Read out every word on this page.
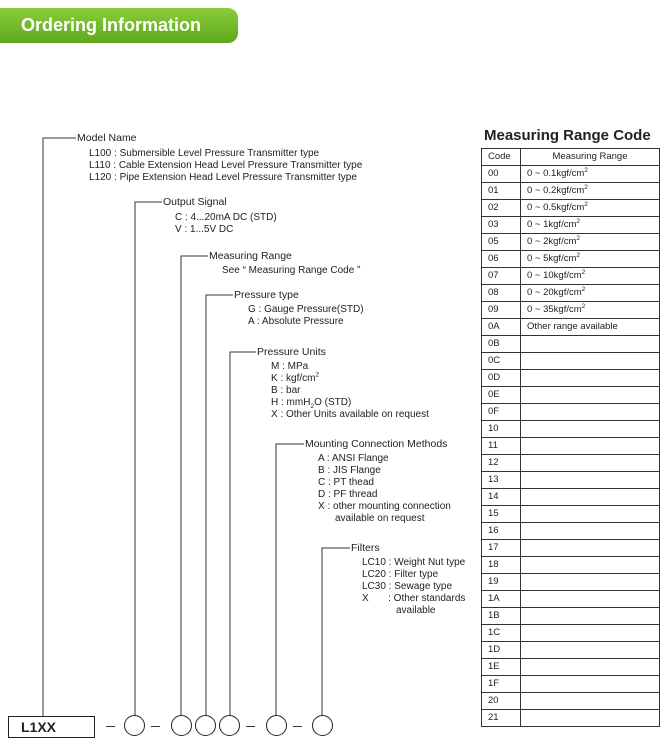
Ordering Information
Model Name
L100 : Submersible Level Pressure Transmitter type
L110 : Cable Extension Head Level Pressure Transmitter type
L120 : Pipe Extension Head Level Pressure Transmitter type
Output Signal
C : 4...20mA DC (STD)
V : 1...5V DC
Measuring Range
See “ Measuring Range Code ”
Pressure type
G : Gauge Pressure(STD)
A : Absolute Pressure
Pressure Units
M : MPa
K : kgf/$cm^2$
B : bar
H : mmH$_2$O (STD)
X : Other Units available on request
Mounting Connection Methods
A : ANSI Flange
B : JIS Flange
C : PT thead
D : PF thread
X : other mounting connection
available on request
Filters
LC10 : Weight Nut type
LC20 : Filter type
LC30 : Sewage type
X       : Other standards
available
L1XX
Measuring Range Code
Code	Measuring Range
00	0 ~ $0.1kgf/cm^2$
01	0 ~ $0.2kgf/cm^2$
02	0 ~ $0.5kgf/cm^2$
03	0 ~ $1kgf/cm^2$
05	0 ~ $2kgf/cm^2$
06	0 ~ $5kgf/cm^2$
07	0 ~ $10kgf/cm^2$
08	0 ~ $20kgf/cm^2$
09	0 ~ $35kgf/cm^2$
0A	Other range available
0B	
0C	
0D	
0E	
0F	
10	
11	
12	
13	
14	
15	
16	
17	
18	
19	
1A	
1B	
1C	
1D	
1E	
1F	
20	
21	
